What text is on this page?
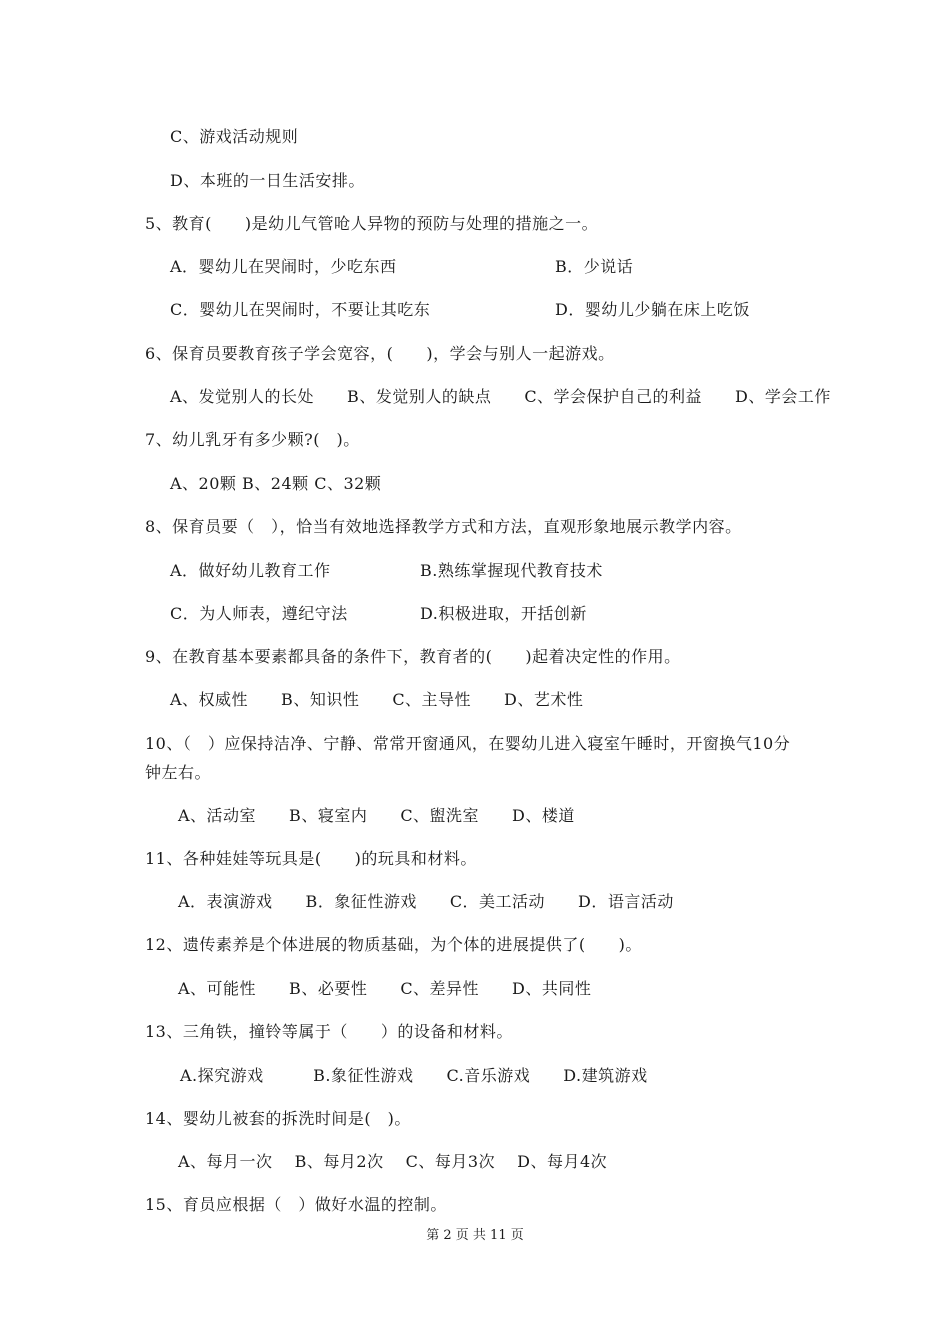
C、游戏活动规则
D、本班的一日生活安排。
5、教育(　　)是幼儿气管呛人异物的预防与处理的措施之一。
A．婴幼儿在哭闹时，少吃东西	B．少说话
C．婴幼儿在哭闹时，不要让其吃东	D．婴幼儿少躺在床上吃饭
6、保育员要教育孩子学会宽容，(　　)，学会与别人一起游戏。
A、发觉别人的长处　　B、发觉别人的缺点　　C、学会保护自己的利益　　D、学会工作
7、幼儿乳牙有多少颗?(　)。
A、20颗 B、24颗 C、32颗
8、保育员要（　），恰当有效地选择教学方式和方法，直观形象地展示教学内容。
A．做好幼儿教育工作	B.熟练掌握现代教育技术
C．为人师表，遵纪守法	D.积极进取，开括创新
9、在教育基本要素都具备的条件下，教育者的(　　)起着决定性的作用。
A、权威性　　B、知识性　　C、主导性　　D、艺术性
10、（　）应保持洁净、宁静、常常开窗通风，在婴幼儿进入寝室午睡时，开窗换气10分
钟左右。
A、活动室　　B、寝室内　　C、盥洗室　　D、楼道
11、各种娃娃等玩具是(　　)的玩具和材料。
A．表演游戏　　B．象征性游戏　　C．美工活动　　D．语言活动
12、遗传素养是个体进展的物质基础，为个体的进展提供了(　　)。
A、可能性　　B、必要性　　C、差异性　　D、共同性
13、三角铁，撞铃等属于（　　）的设备和材料。
A.探究游戏　　　B.象征性游戏　　C.音乐游戏　　D.建筑游戏
14、婴幼儿被套的拆洗时间是(　)。
A、每月一次　 B、每月2次　 C、每月3次　 D、每月4次
15、育员应根据（　）做好水温的控制。
第 2 页 共 11 页
